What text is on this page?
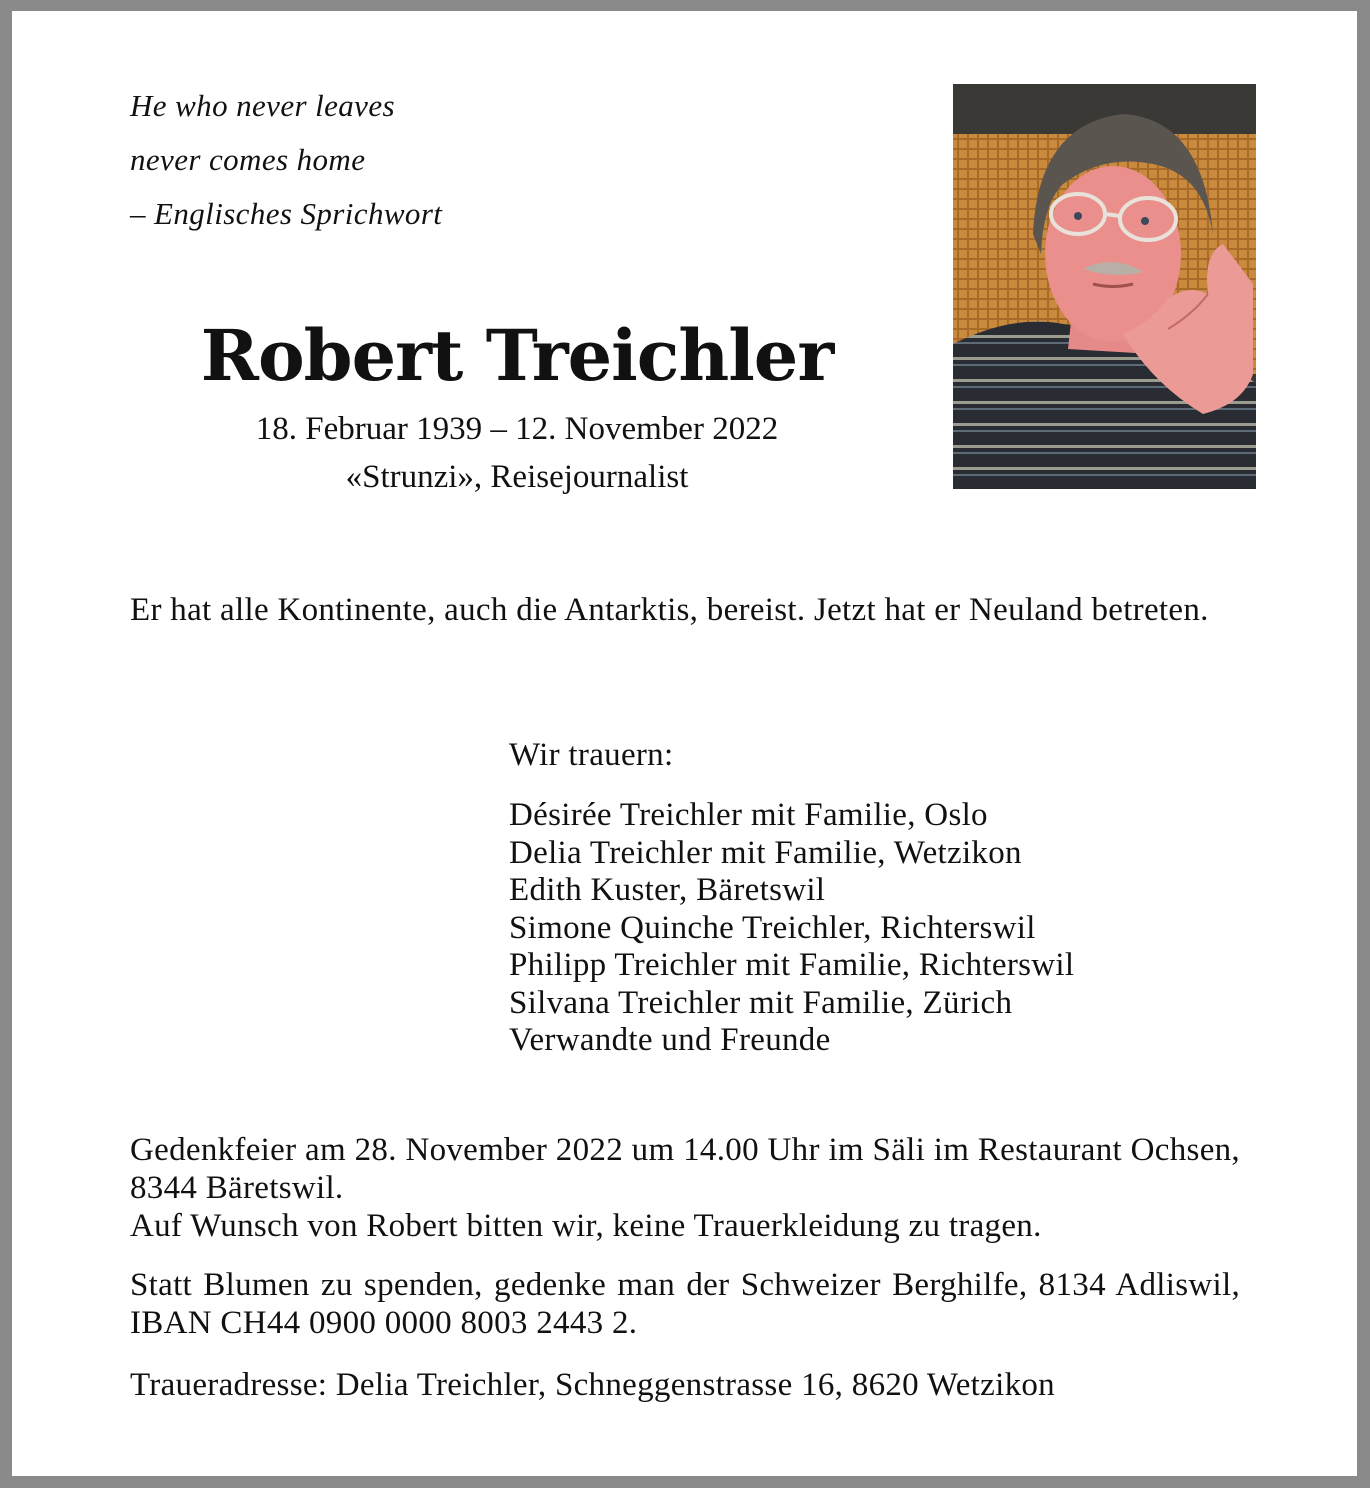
He who never leaves
never comes home
– Englisches Sprichwort
Robert Treichler
18. Februar 1939 – 12. November 2022
«Strunzi», Reisejournalist
Er hat alle Kontinente, auch die Antarktis, bereist. Jetzt hat er Neuland betreten.
Wir trauern:
Désirée Treichler mit Familie, Oslo
Delia Treichler mit Familie, Wetzikon
Edith Kuster, Bäretswil
Simone Quinche Treichler, Richterswil
Philipp Treichler mit Familie, Richterswil
Silvana Treichler mit Familie, Zürich
Verwandte und Freunde
Gedenkfeier am 28. November 2022 um 14.00 Uhr im Säli im Restaurant Ochsen, 8344 Bäretswil.
Auf Wunsch von Robert bitten wir, keine Trauerkleidung zu tragen.
Statt Blumen zu spenden, gedenke man der Schweizer Berghilfe, 8134 Adliswil, IBAN CH44 0900 0000 8003 2443 2.
Traueradresse: Delia Treichler, Schneggenstrasse 16, 8620 Wetzikon
